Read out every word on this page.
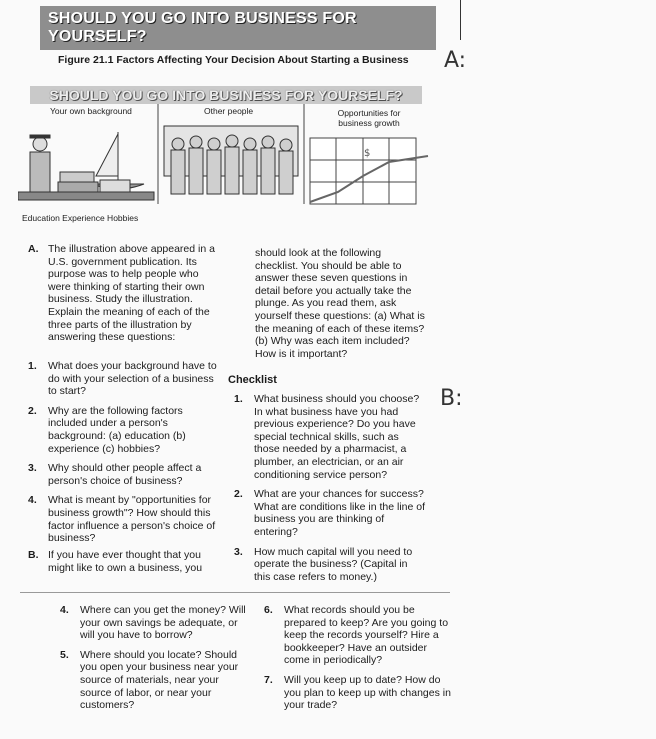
SHOULD YOU GO INTO BUSINESS FOR YOURSELF?
Figure 21.1 Factors Affecting Your Decision About Starting a Business A:
SHOULD YOU GO INTO BUSINESS FOR YOURSELF?
Your own background	Other people	Opportunities for business growth
$
Education Experience Hobbies
A. The illustration above appeared in a U.S. government publication. Its purpose was to help people who were thinking of starting their own business. Study the illustration. Explain the meaning of each of the three parts of the illustration by answering these questions:
1.	What does your background have to do with your selection of a business to start?
2.	Why are the following factors included under a person's background: (a) education (b) experience (c) hobbies?
3.	Why should other people affect a person's choice of business?
4.	What is meant by "opportunities for business growth"? How should this factor influence a person's choice of business?
B. If you have ever thought that you might like to own a business, you
should look at the following checklist. You should be able to answer these seven questions in detail before you actually take the plunge. As you read them, ask yourself these questions: (a) What is the meaning of each of these items? (b) Why was each item included? How is it important?
Checklist
1.	What business should you choose? In what business have you had previous experience? Do you have special technical skills, such as those needed by a pharmacist, a plumber, an electrician, or an air conditioning service person?
2.	What are your chances for success? What are conditions like in the line of business you are thinking of entering?
3.	How much capital will you need to operate the business? (Capital in this case refers to money.)
B:
4.	Where can you get the money? Will your own savings be adequate, or will you have to borrow?
5.	Where should you locate? Should you open your business near your source of materials, near your source of labor, or near your customers?
6.	What records should you be prepared to keep? Are you going to keep the records yourself? Hire a bookkeeper? Have an outsider come in periodically?
7.	Will you keep up to date? How do you plan to keep up with changes in your trade?
